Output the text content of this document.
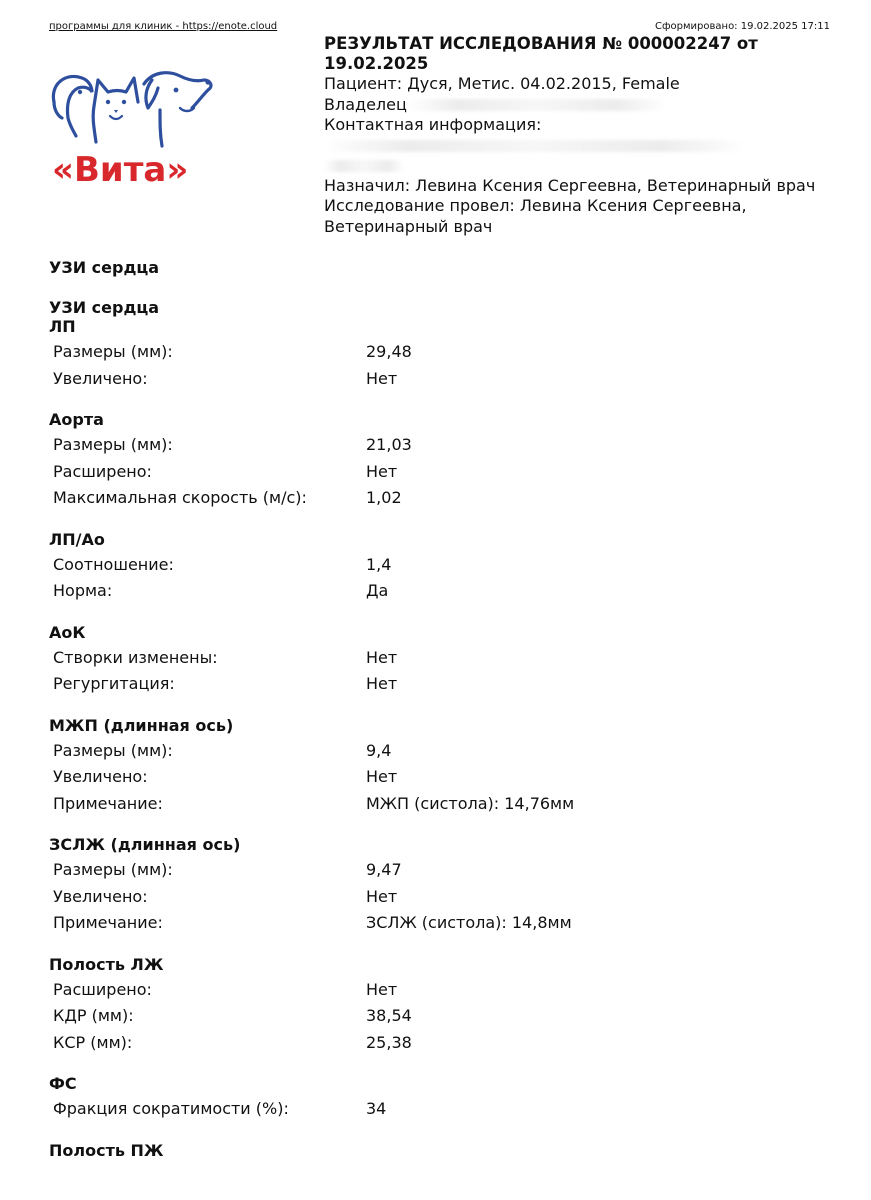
программы для клиник - https://enote.cloud	Сформировано: 19.02.2025 17:11
«Вита»
РЕЗУЛЬТАТ ИССЛЕДОВАНИЯ № 000002247 от 19.02.2025
Пациент: Дуся, Метис. 04.02.2015, Female
Владелец
Контактная информация:
Назначил: Левина Ксения Сергеевна, Ветеринарный врач
Исследование провел: Левина Ксения Сергеевна, Ветеринарный врач
УЗИ сердца
УЗИ сердца
ЛП
Размеры (мм):	29,48
Увеличено:	Нет
Аорта
Размеры (мм):	21,03
Расширено:	Нет
Максимальная скорость (м/с):	1,02
ЛП/Ао
Соотношение:	1,4
Норма:	Да
АоК
Створки изменены:	Нет
Регургитация:	Нет
МЖП (длинная ось)
Размеры (мм):	9,4
Увеличено:	Нет
Примечание:	МЖП (систола): 14,76мм
ЗСЛЖ (длинная ось)
Размеры (мм):	9,47
Увеличено:	Нет
Примечание:	ЗСЛЖ (систола): 14,8мм
Полость ЛЖ
Расширено:	Нет
КДР (мм):	38,54
КСР (мм):	25,38
ФС
Фракция сократимости (%):	34
Полость ПЖ
